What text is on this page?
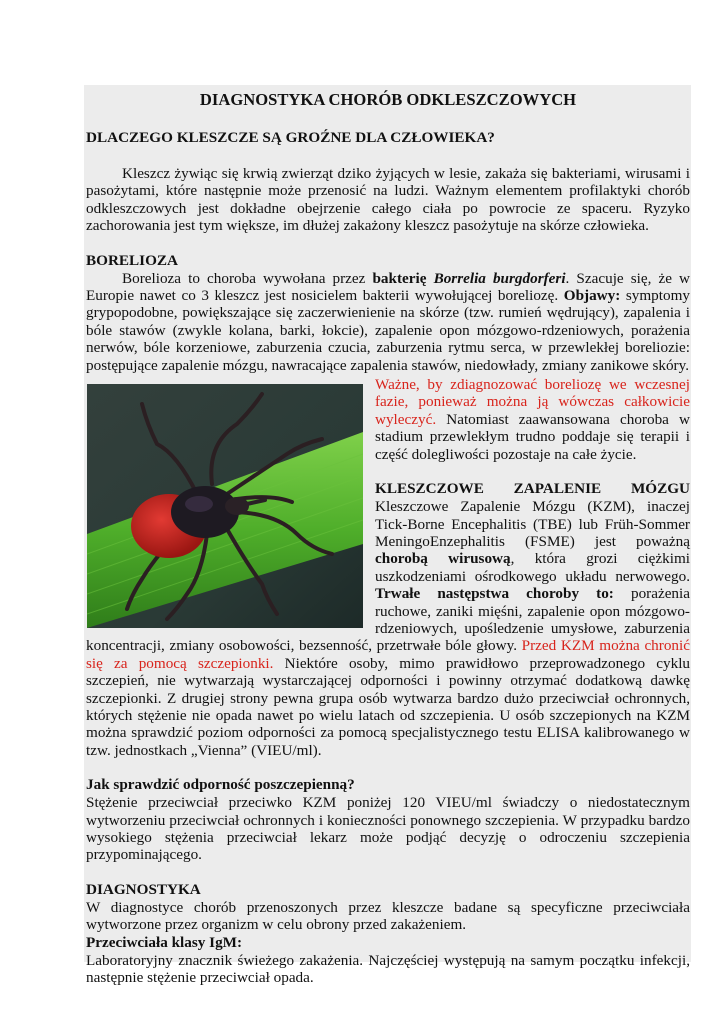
DIAGNOSTYKA CHORÓB ODKLESZCZOWYCH
DLACZEGO KLESZCZE SĄ GROŹNE DLA CZŁOWIEKA?

Kleszcz żywiąc się krwią zwierząt dziko żyjących w lesie, zakaża się bakteriami, wirusami i pasożytami, które następnie może przenosić na ludzi. Ważnym elementem profilaktyki chorób odkleszczowych jest dokładne obejrzenie całego ciała po powrocie ze spaceru. Ryzyko zachorowania jest tym większe, im dłużej zakażony kleszcz pasożytuje na skórze człowieka.

BORELIOZA

Borelioza to choroba wywołana przez bakterię Borrelia burgdorferi. Szacuje się, że w Europie nawet co 3 kleszcz jest nosicielem bakterii wywołującej boreliozę. Objawy: symptomy grypopodobne, powiększające się zaczerwienienie na skórze (tzw. rumień wędrujący), zapalenia i bóle stawów (zwykle kolana, barki, łokcie), zapalenie opon mózgowo-rdzeniowych, porażenia nerwów, bóle korzeniowe, zaburzenia czucia, zaburzenia rytmu serca, w przewlekłej boreliozie: postępujące zapalenie mózgu, nawracające zapalenia stawów, niedowłady, zmiany zanikowe skóry.

Ważne, by zdiagnozować boreliozę we wczesnej fazie, ponieważ można ją wówczas całkowicie wyleczyć. Natomiast zaawansowana choroba w stadium przewlekłym trudno poddaje się terapii i część dolegliwości pozostaje na całe życie.

KLESZCZOWE ZAPALENIE MÓZGU

Kleszczowe Zapalenie Mózgu (KZM), inaczej Tick-Borne Encephalitis (TBE) lub Früh-Sommer MeningoEnzephalitis (FSME) jest poważną chorobą wirusową, która grozi ciężkimi uszkodzeniami ośrodkowego układu nerwowego. Trwałe następstwa choroby to: porażenia ruchowe, zaniki mięśni, zapalenie opon mózgowo-rdzeniowych, upośledzenie umysłowe, zaburzenia koncentracji, zmiany osobowości, bezsenność, przetrwałe bóle głowy. Przed KZM można chronić się za pomocą szczepionki. Niektóre osoby, mimo prawidłowo przeprowadzonego cyklu szczepień, nie wytwarzają wystarczającej odporności i powinny otrzymać dodatkową dawkę szczepionki. Z drugiej strony pewna grupa osób wytwarza bardzo dużo przeciwciał ochronnych, których stężenie nie opada nawet po wielu latach od szczepienia. U osób szczepionych na KZM można sprawdzić poziom odporności za pomocą specjalistycznego testu ELISA kalibrowanego w tzw. jednostkach „Vienna” (VIEU/ml).

Jak sprawdzić odporność poszczepienną?

Stężenie przeciwciał przeciwko KZM poniżej 120 VIEU/ml świadczy o niedostatecznym wytworzeniu przeciwciał ochronnych i konieczności ponownego szczepienia. W przypadku bardzo wysokiego stężenia przeciwciał lekarz może podjąć decyzję o odroczeniu szczepienia przypominającego.

DIAGNOSTYKA

W diagnostyce chorób przenoszonych przez kleszcze badane są specyficzne przeciwciała wytworzone przez organizm w celu obrony przed zakażeniem.

Przeciwciała klasy IgM:

Laboratoryjny znacznik świeżego zakażenia. Najczęściej występują na samym początku infekcji, następnie stężenie przeciwciał opada.
